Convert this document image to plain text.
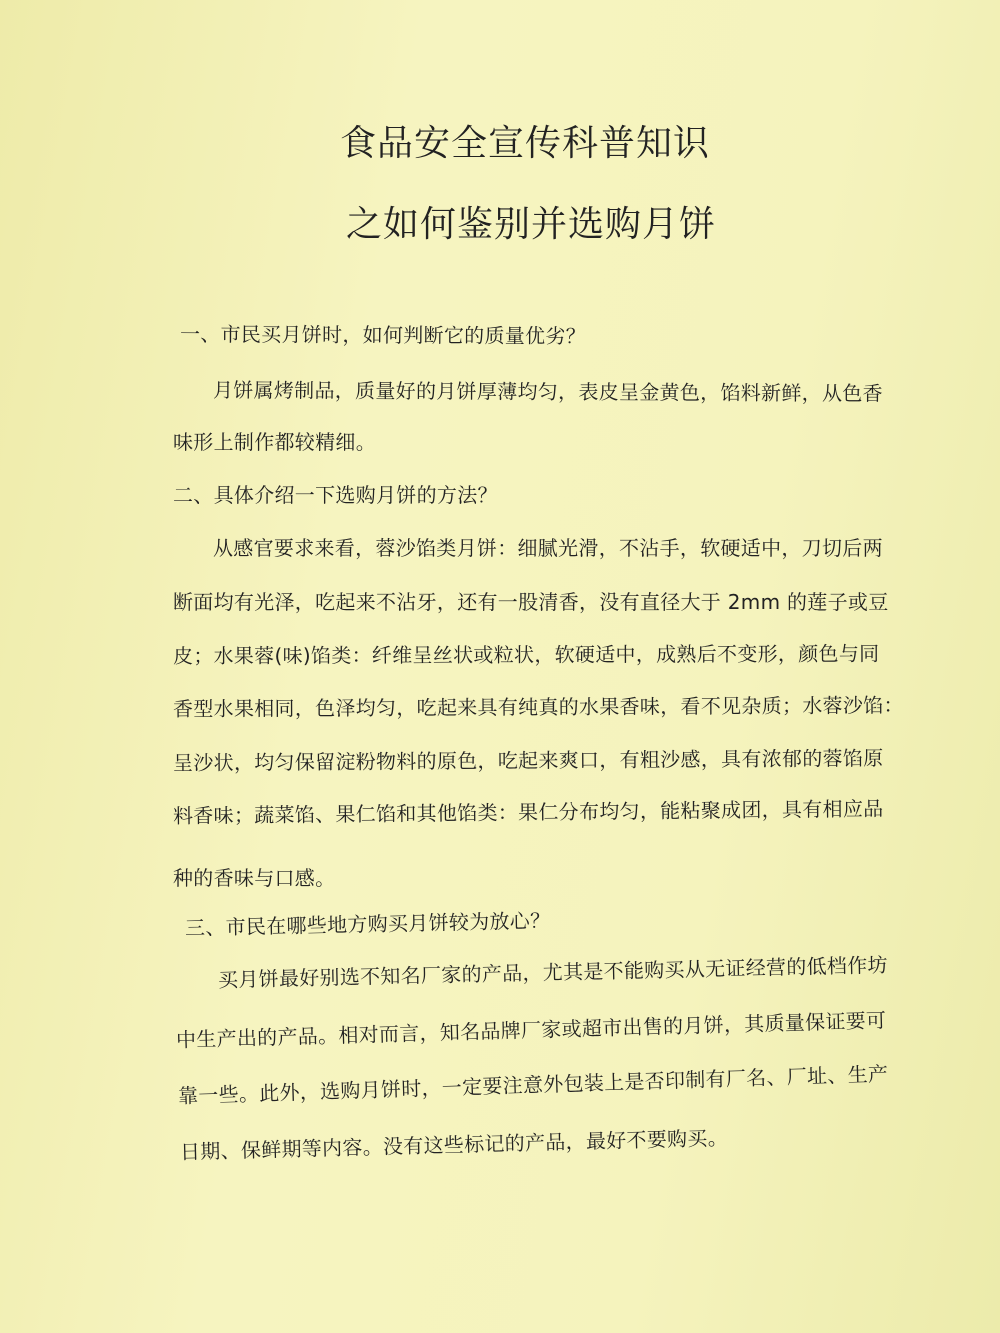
食品安全宣传科普知识
之如何鉴别并选购月饼
一、市民买月饼时，如何判断它的质量优劣？
月饼属烤制品，质量好的月饼厚薄均匀，表皮呈金黄色，馅料新鲜，从色香
味形上制作都较精细。
二、具体介绍一下选购月饼的方法？
从感官要求来看，蓉沙馅类月饼：细腻光滑，不沾手，软硬适中，刀切后两
断面均有光泽，吃起来不沾牙，还有一股清香，没有直径大于 2mm 的莲子或豆
皮；水果蓉(味)馅类：纤维呈丝状或粒状，软硬适中，成熟后不变形，颜色与同
香型水果相同，色泽均匀，吃起来具有纯真的水果香味，看不见杂质；水蓉沙馅：
呈沙状，均匀保留淀粉物料的原色，吃起来爽口，有粗沙感，具有浓郁的蓉馅原
料香味；蔬菜馅、果仁馅和其他馅类：果仁分布均匀，能粘聚成团，具有相应品
种的香味与口感。
三、市民在哪些地方购买月饼较为放心？
买月饼最好别选不知名厂家的产品，尤其是不能购买从无证经营的低档作坊
中生产出的产品。相对而言，知名品牌厂家或超市出售的月饼，其质量保证要可
靠一些。此外，选购月饼时，一定要注意外包装上是否印制有厂名、厂址、生产
日期、保鲜期等内容。没有这些标记的产品，最好不要购买。
